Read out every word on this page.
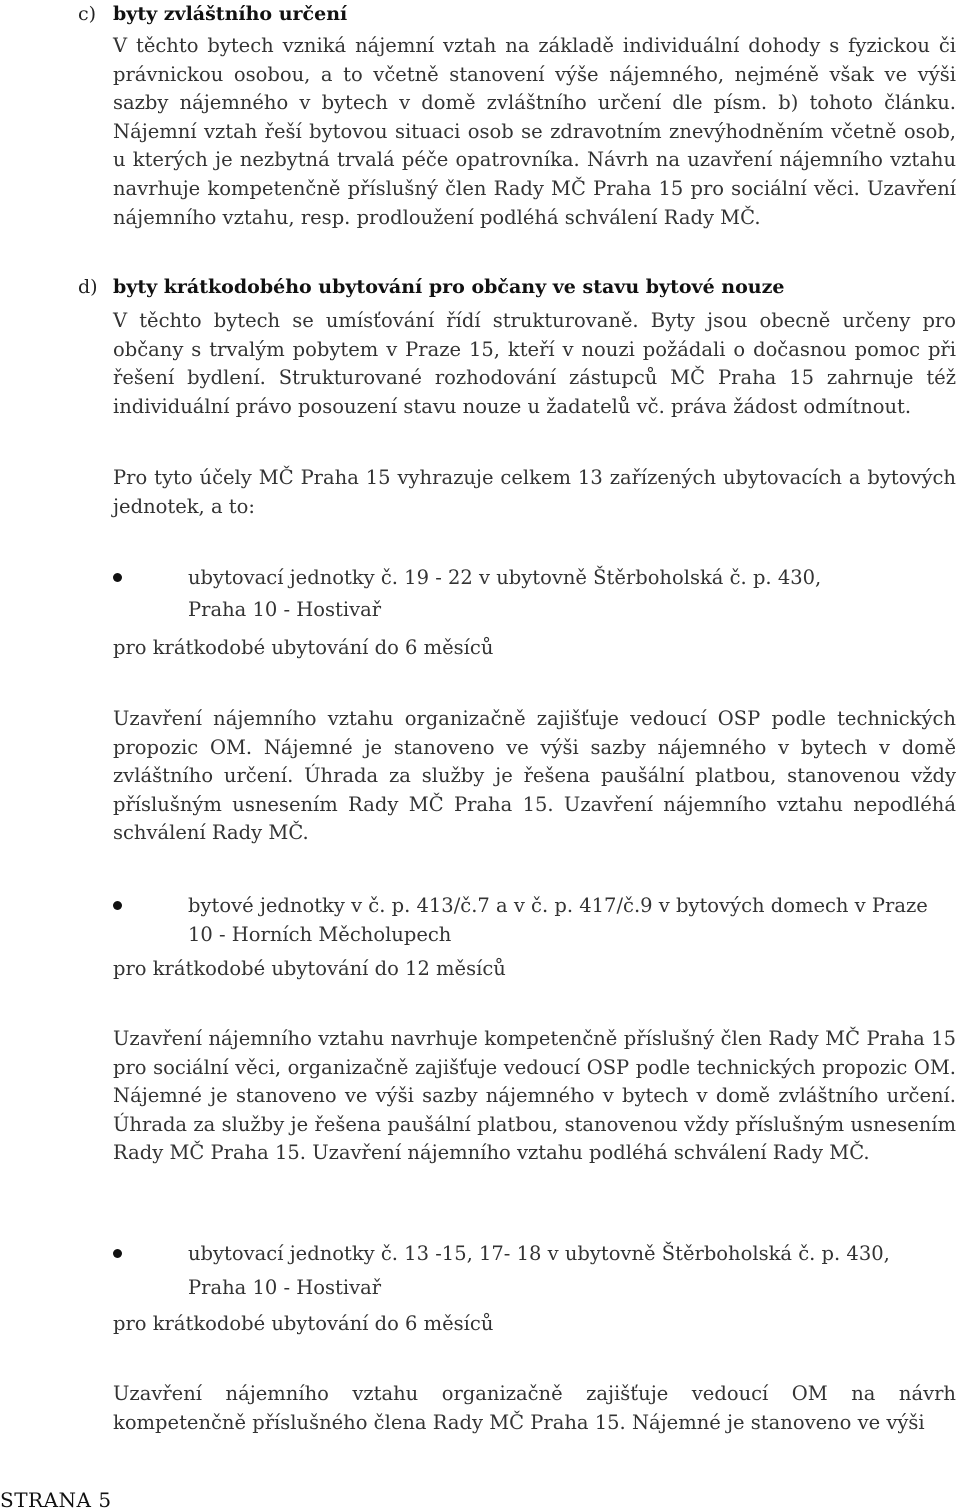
c) byty zvláštního určení
V těchto bytech vzniká nájemní vztah na základě individuální dohody s fyzickou či právnickou osobou, a to včetně stanovení výše nájemného, nejméně však ve výši sazby nájemného v bytech v domě zvláštního určení dle písm. b) tohoto článku. Nájemní vztah řeší bytovou situaci osob se zdravotním znevýhodněním včetně osob, u kterých je nezbytná trvalá péče opatrovníka. Návrh na uzavření nájemního vztahu navrhuje kompetenčně příslušný člen Rady MČ Praha 15 pro sociální věci. Uzavření nájemního vztahu, resp. prodloužení podléhá schválení Rady MČ.
d) byty krátkodobého ubytování pro občany ve stavu bytové nouze
V těchto bytech se umísťování řídí strukturovaně. Byty jsou obecně určeny pro občany s trvalým pobytem v Praze 15, kteří v nouzi požádali o dočasnou pomoc při řešení bydlení. Strukturované rozhodování zástupců MČ Praha 15 zahrnuje též individuální právo posouzení stavu nouze u žadatelů vč. práva žádost odmítnout.
Pro tyto účely MČ Praha 15 vyhrazuje celkem 13 zařízených ubytovacích a bytových jednotek, a to:
ubytovací jednotky č. 19 - 22 v ubytovně Štěrboholská č. p. 430,
Praha 10 - Hostivař
pro krátkodobé ubytování do 6 měsíců
Uzavření nájemního vztahu organizačně zajišťuje vedoucí OSP podle technických propozic OM. Nájemné je stanoveno ve výši sazby nájemného v bytech v domě zvláštního určení. Úhrada za služby je řešena paušální platbou, stanovenou vždy příslušným usnesením Rady MČ Praha 15. Uzavření nájemního vztahu nepodléhá schválení Rady MČ.
bytové jednotky v č. p. 413/č.7 a v č. p. 417/č.9 v bytových domech v Praze
10 - Horních Měcholupech
pro krátkodobé ubytování do 12 měsíců
Uzavření nájemního vztahu navrhuje kompetenčně příslušný člen Rady MČ Praha 15 pro sociální věci, organizačně zajišťuje vedoucí OSP podle technických propozic OM. Nájemné je stanoveno ve výši sazby nájemného v bytech v domě zvláštního určení. Úhrada za služby je řešena paušální platbou, stanovenou vždy příslušným usnesením Rady MČ Praha 15. Uzavření nájemního vztahu podléhá schválení Rady MČ.
ubytovací jednotky č. 13 -15, 17- 18 v ubytovně Štěrboholská č. p. 430,
Praha 10 - Hostivař
pro krátkodobé ubytování do 6 měsíců
Uzavření nájemního vztahu organizačně zajišťuje vedoucí OM na návrh kompetenčně příslušného člena Rady MČ Praha 15. Nájemné je stanoveno ve výši
STRANA 5
